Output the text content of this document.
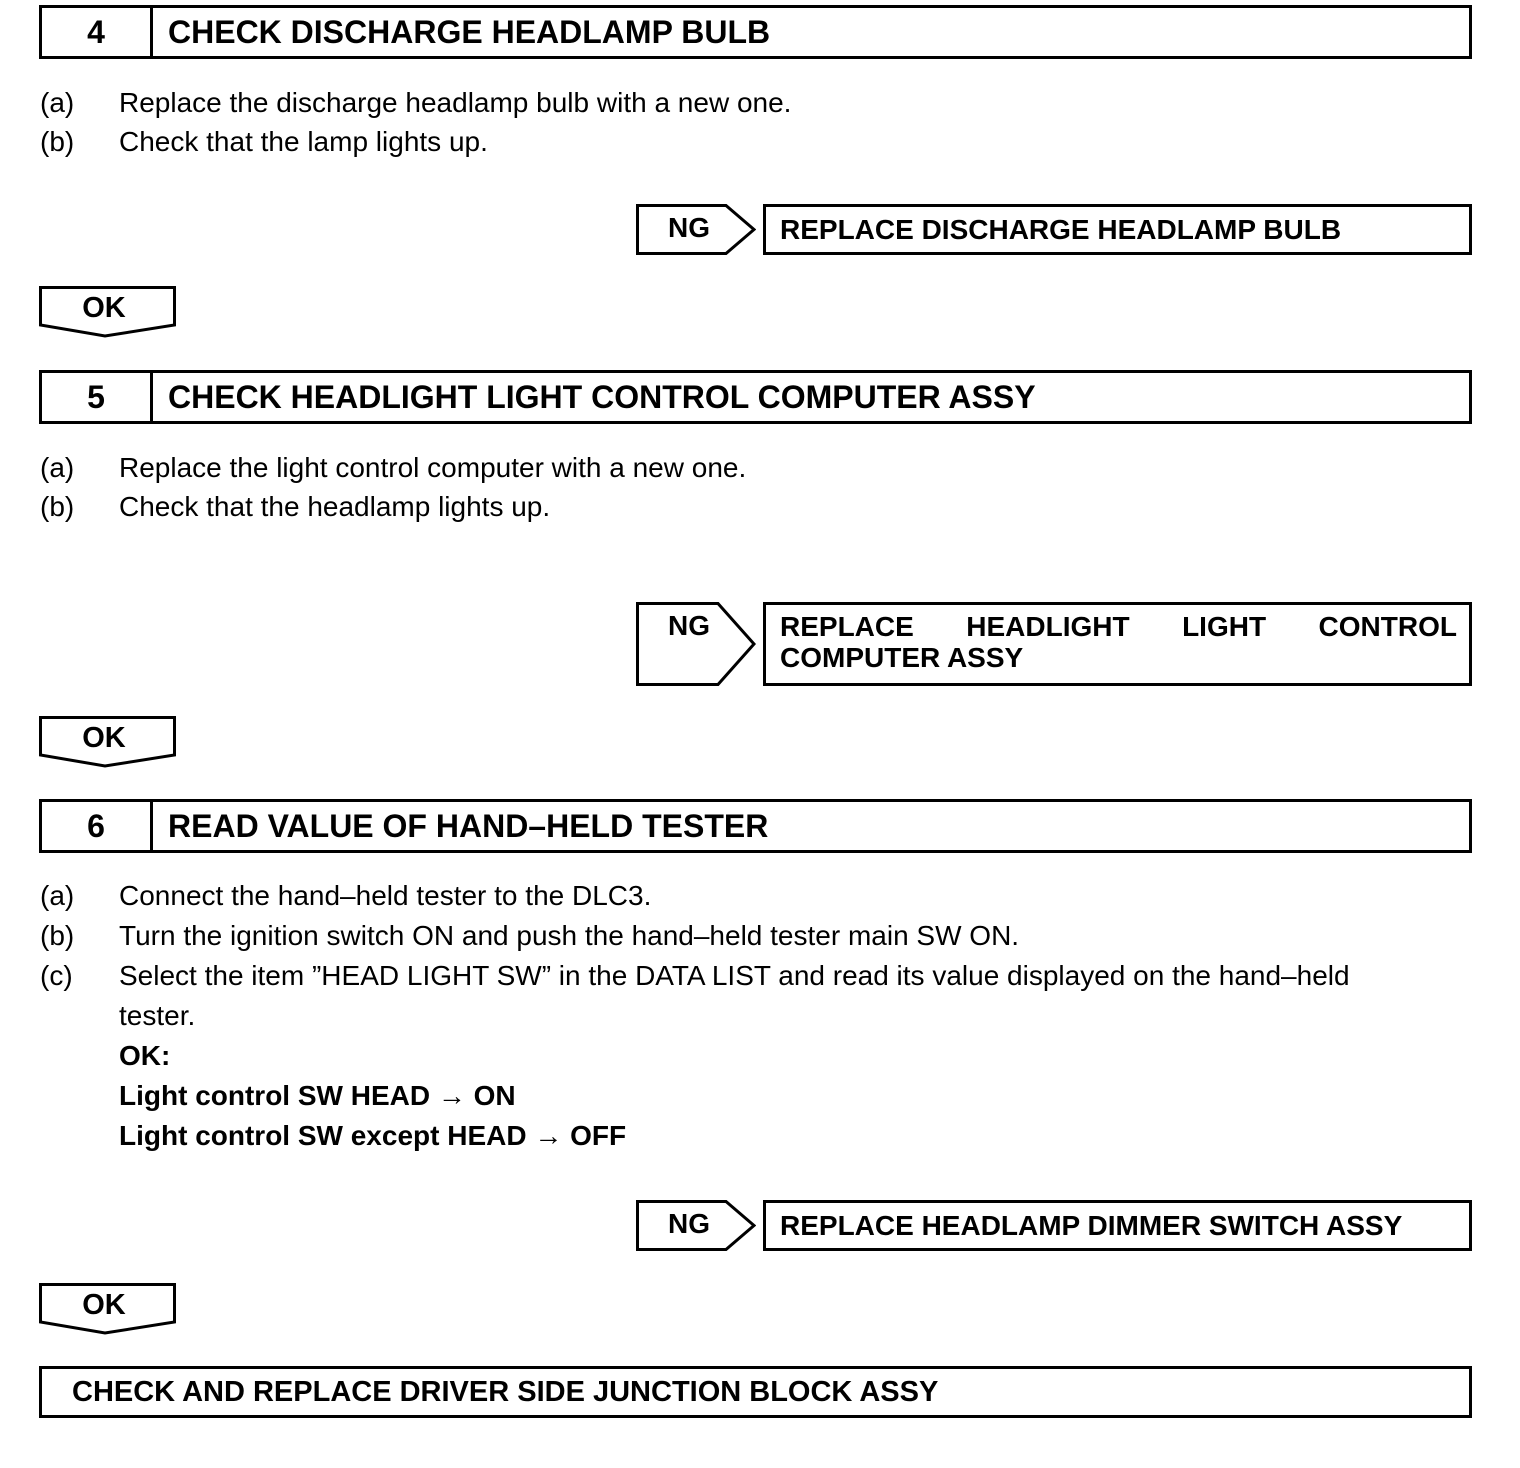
4	CHECK DISCHARGE HEADLAMP BULB
(a)	Replace the discharge headlamp bulb with a new one.
(b)	Check that the lamp lights up.
NG	REPLACE DISCHARGE HEADLAMP BULB
OK
5	CHECK HEADLIGHT LIGHT CONTROL COMPUTER ASSY
(a)	Replace the light control computer with a new one.
(b)	Check that the headlamp lights up.
NG	REPLACE HEADLIGHT LIGHT CONTROL
COMPUTER ASSY
OK
6	READ VALUE OF HAND–HELD TESTER
(a)	Connect the hand–held tester to the DLC3.
(b)	Turn the ignition switch ON and push the hand–held tester main SW ON.
(c)	Select the item ”HEAD LIGHT SW” in the DATA LIST and read its value displayed on the hand–held
tester.
OK:
Light control SW HEAD → ON
Light control SW except HEAD → OFF
NG	REPLACE HEADLAMP DIMMER SWITCH ASSY
OK
CHECK AND REPLACE DRIVER SIDE JUNCTION BLOCK ASSY
